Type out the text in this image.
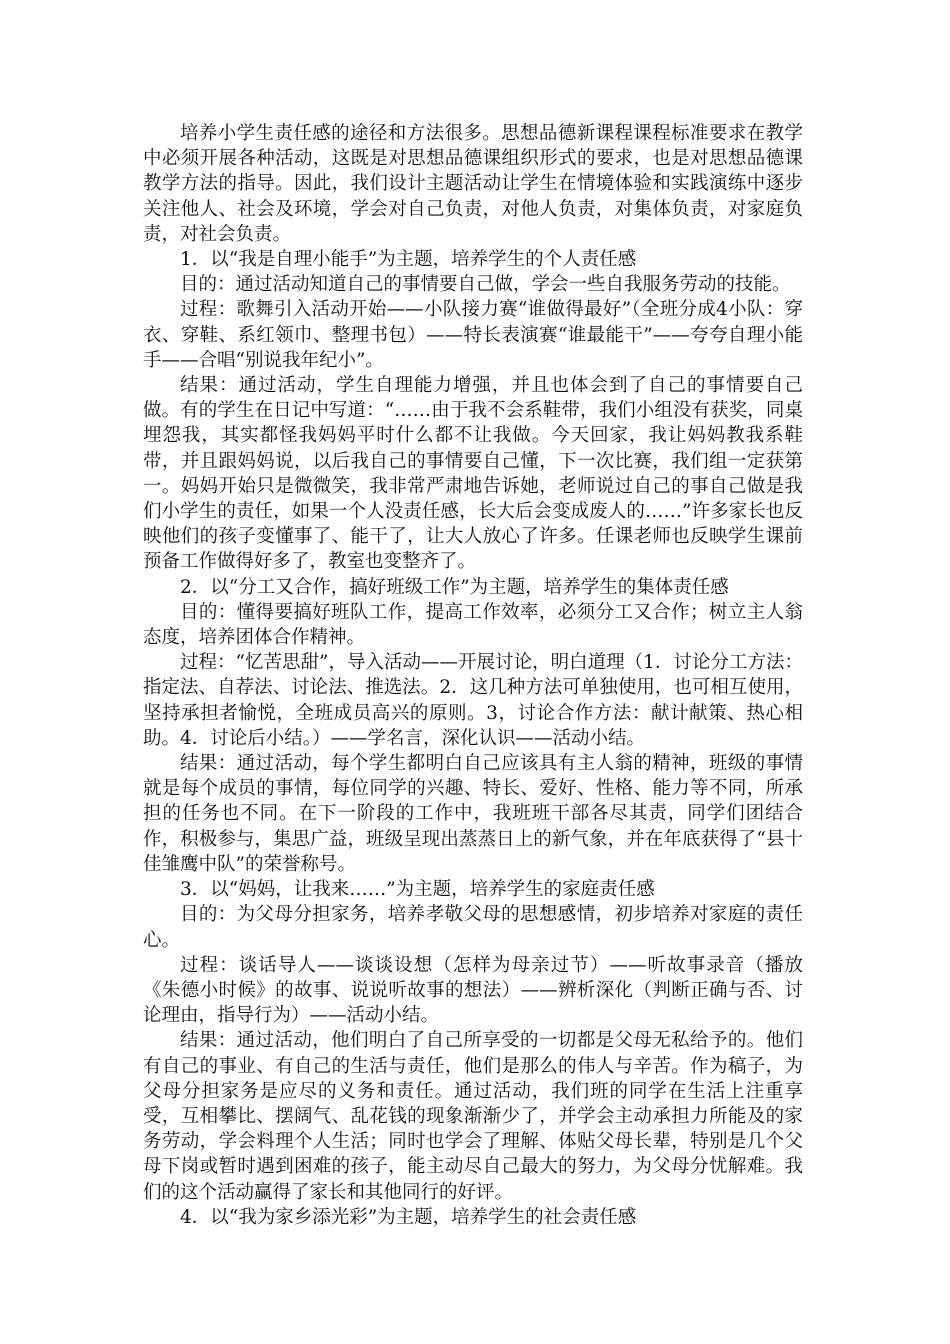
培养小学生责任感的途径和方法很多。思想品德新课程课程标准要求在教学中必须开展各种活动，这既是对思想品德课组织形式的要求，也是对思想品德课教学方法的指导。因此，我们设计主题活动让学生在情境体验和实践演练中逐步关注他人、社会及环境，学会对自己负责，对他人负责，对集体负责，对家庭负责，对社会负责。

1．以“我是自理小能手”为主题，培养学生的个人责任感

目的：通过活动知道自己的事情要自己做，学会一些自我服务劳动的技能。

过程：歌舞引入活动开始——小队接力赛“谁做得最好”（全班分成4小队：穿衣、穿鞋、系红领巾、整理书包）——特长表演赛“谁最能干”——夸夸自理小能手——合唱“别说我年纪小”。

结果：通过活动，学生自理能力增强，并且也体会到了自己的事情要自己做。有的学生在日记中写道：“……由于我不会系鞋带，我们小组没有获奖，同桌埋怨我，其实都怪我妈妈平时什么都不让我做。今天回家，我让妈妈教我系鞋带，并且跟妈妈说，以后我自己的事情要自己懂，下一次比赛，我们组一定获第一。妈妈开始只是微微笑，我非常严肃地告诉她，老师说过自己的事自己做是我们小学生的责任，如果一个人没责任感，长大后会变成废人的……”许多家长也反映他们的孩子变懂事了、能干了，让大人放心了许多。任课老师也反映学生课前预备工作做得好多了，教室也变整齐了。

2．以“分工又合作，搞好班级工作”为主题，培养学生的集体责任感

目的：懂得要搞好班队工作，提高工作效率，必须分工又合作；树立主人翁态度，培养团体合作精神。

过程：“忆苦思甜”，导入活动——开展讨论，明白道理（1．讨论分工方法：指定法、自荐法、讨论法、推选法。2．这几种方法可单独使用，也可相互使用，坚持承担者愉悦，全班成员高兴的原则。3，讨论合作方法：献计献策、热心相助。4．讨论后小结。）——学名言，深化认识——活动小结。

结果：通过活动，每个学生都明白自己应该具有主人翁的精神，班级的事情就是每个成员的事情，每位同学的兴趣、特长、爱好、性格、能力等不同，所承担的任务也不同。在下一阶段的工作中，我班班干部各尽其责，同学们团结合作，积极参与，集思广益，班级呈现出蒸蒸日上的新气象，并在年底获得了“县十佳雏鹰中队”的荣誉称号。

3．以“妈妈，让我来……”为主题，培养学生的家庭责任感

目的：为父母分担家务，培养孝敬父母的思想感情，初步培养对家庭的责任心。

过程：谈话导人——谈谈设想（怎样为母亲过节）——听故事录音（播放《朱德小时候》的故事、说说听故事的想法）——辨析深化（判断正确与否、讨论理由，指导行为）——活动小结。

结果：通过活动，他们明白了自己所享受的一切都是父母无私给予的。他们有自己的事业、有自己的生活与责任，他们是那么的伟人与辛苦。作为稿子，为父母分担家务是应尽的义务和责任。通过活动，我们班的同学在生活上注重享受，互相攀比、摆阔气、乱花钱的现象渐渐少了，并学会主动承担力所能及的家务劳动，学会料理个人生活；同时也学会了理解、体贴父母长辈，特别是几个父母下岗或暂时遇到困难的孩子，能主动尽自己最大的努力，为父母分忧解难。我们的这个活动赢得了家长和其他同行的好评。

4．以“我为家乡添光彩”为主题，培养学生的社会责任感
